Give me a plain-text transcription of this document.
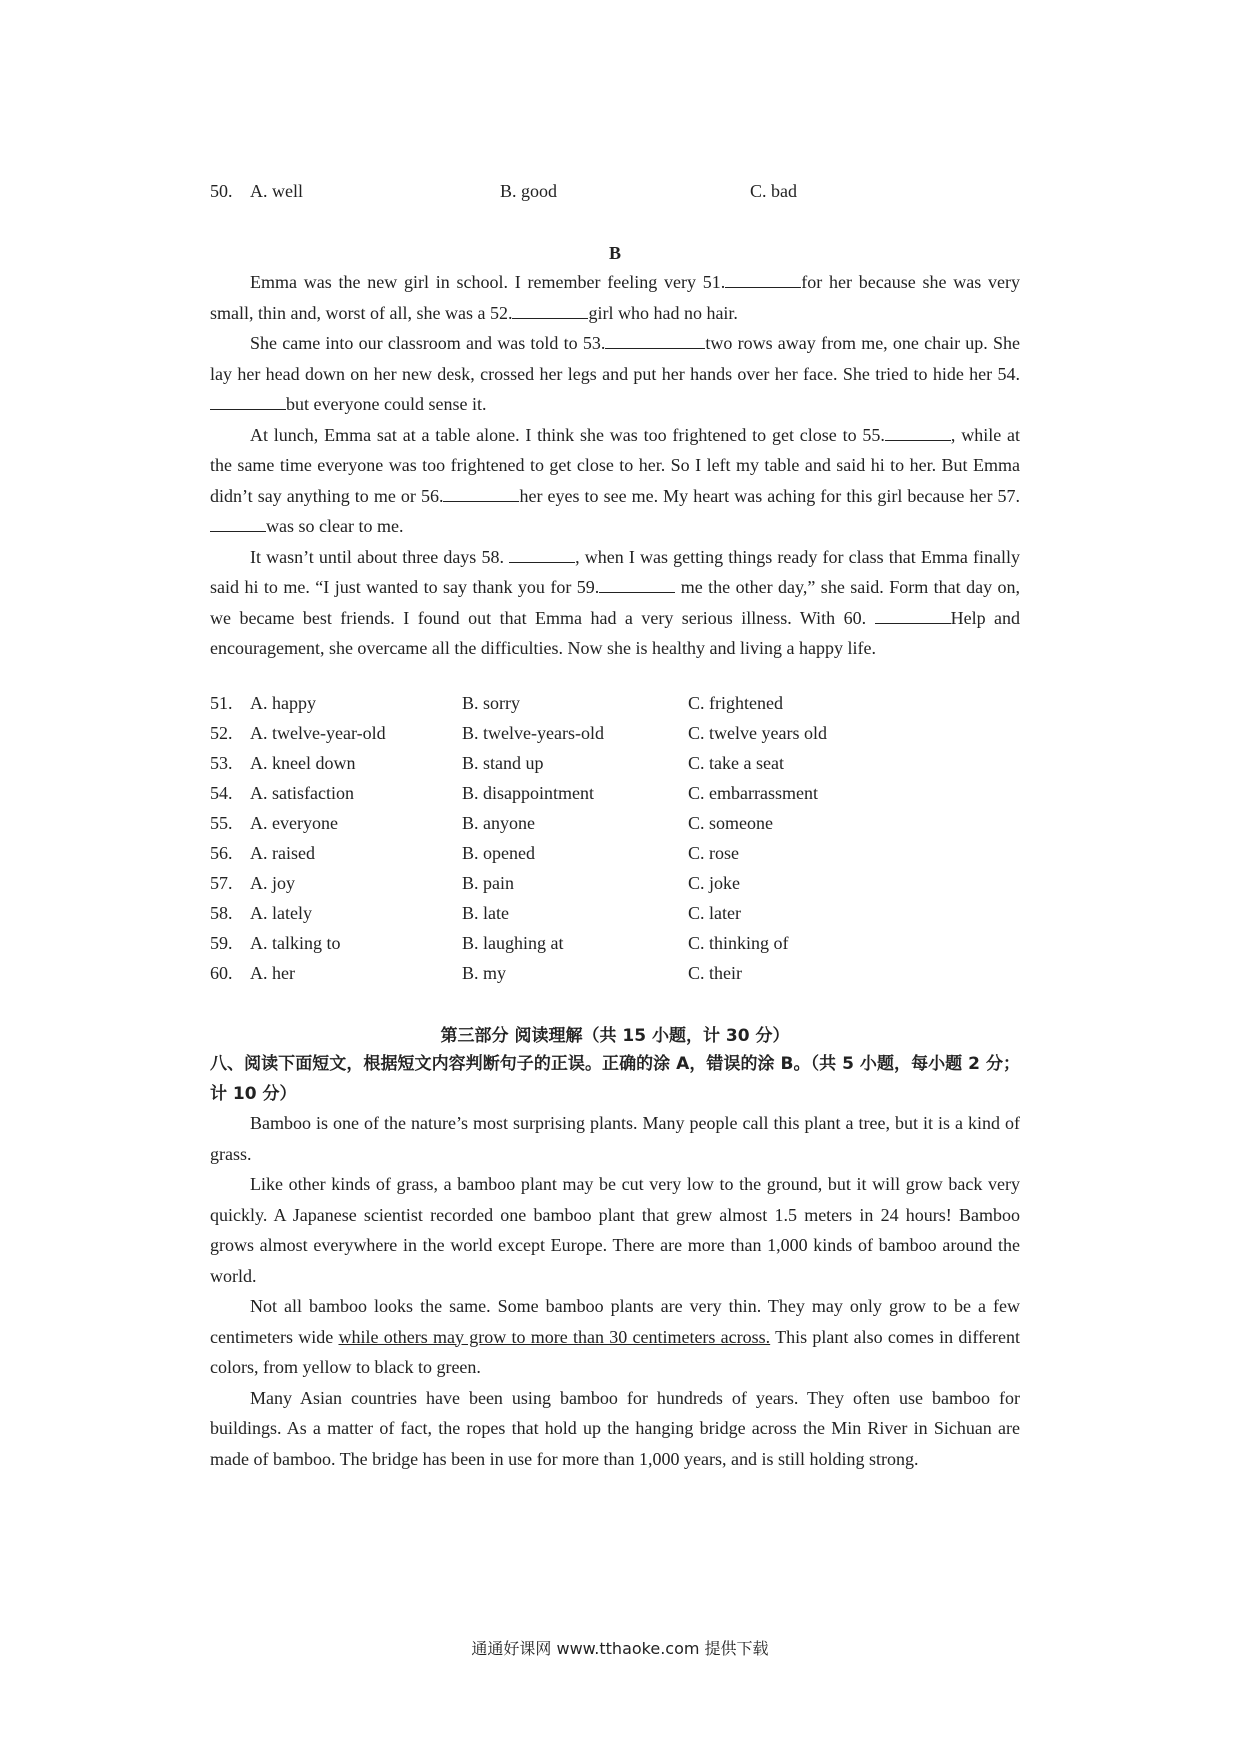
50. A. well	B. good	C. bad
B

Emma was the new girl in school. I remember feeling very 51.	for her because she was very small, thin and, worst of all, she was a 52.	girl who had no hair.

She came into our classroom and was told to 53.	two rows away from me, one chair up. She lay her head down on her new desk, crossed her legs and put her hands over her face. She tried to hide her 54.but everyone could sense it.

At lunch, Emma sat at a table alone. I think she was too frightened to get close to 55.	, while at the same time everyone was too frightened to get close to her. So I left my table and said hi to her. But Emma didn’t say anything to me or 56.	her eyes to see me. My heart was aching for this girl because her 57.was so clear to me.

It wasn’t until about three days 58.	, when I was getting things ready for class that Emma finally said hi to me. “I just wanted to say thank you for 59.	me the other day,” she said. Form that day on, we became best friends. I found out that Emma had a very serious illness. With 60.	Help and encouragement, she overcame all the difficulties. Now she is healthy and living a happy life.

51. A. happy	B. sorry	C. frightened
52. A. twelve-year-old	B. twelve-years-old	C. twelve years old
53. A. kneel down	B. stand up	C. take a seat
54. A. satisfaction	B. disappointment	C. embarrassment
55. A. everyone	B. anyone	C. someone
56. A. raised	B. opened	C. rose
57. A. joy	B. pain	C. joke
58. A. lately	B. late	C. later
59. A. talking to	B. laughing at	C. thinking of
60. A. her	B. my	C. their
第三部分 阅读理解（共 15 小题，计 30 分）
八、阅读下面短文，根据短文内容判断句子的正误。正确的涂 A，错误的涂 B。（共 5 小题，每小题 2 分；计 10 分）

Bamboo is one of the nature’s most surprising plants. Many people call this plant a tree, but it is a kind of grass.

Like other kinds of grass, a bamboo plant may be cut very low to the ground, but it will grow back very quickly. A Japanese scientist recorded one bamboo plant that grew almost 1.5 meters in 24 hours! Bamboo grows almost everywhere in the world except Europe. There are more than 1,000 kinds of bamboo around the world.

Not all bamboo looks the same. Some bamboo plants are very thin. They may only grow to be a few centimeters wide while others may grow to more than 30 centimeters across. This plant also comes in different colors, from yellow to black to green.

Many Asian countries have been using bamboo for hundreds of years. They often use bamboo for buildings. As a matter of fact, the ropes that hold up the hanging bridge across the Min River in Sichuan are made of bamboo. The bridge has been in use for more than 1,000 years, and is still holding strong.

通通好课网 www.tthaoke.com 提供下载
